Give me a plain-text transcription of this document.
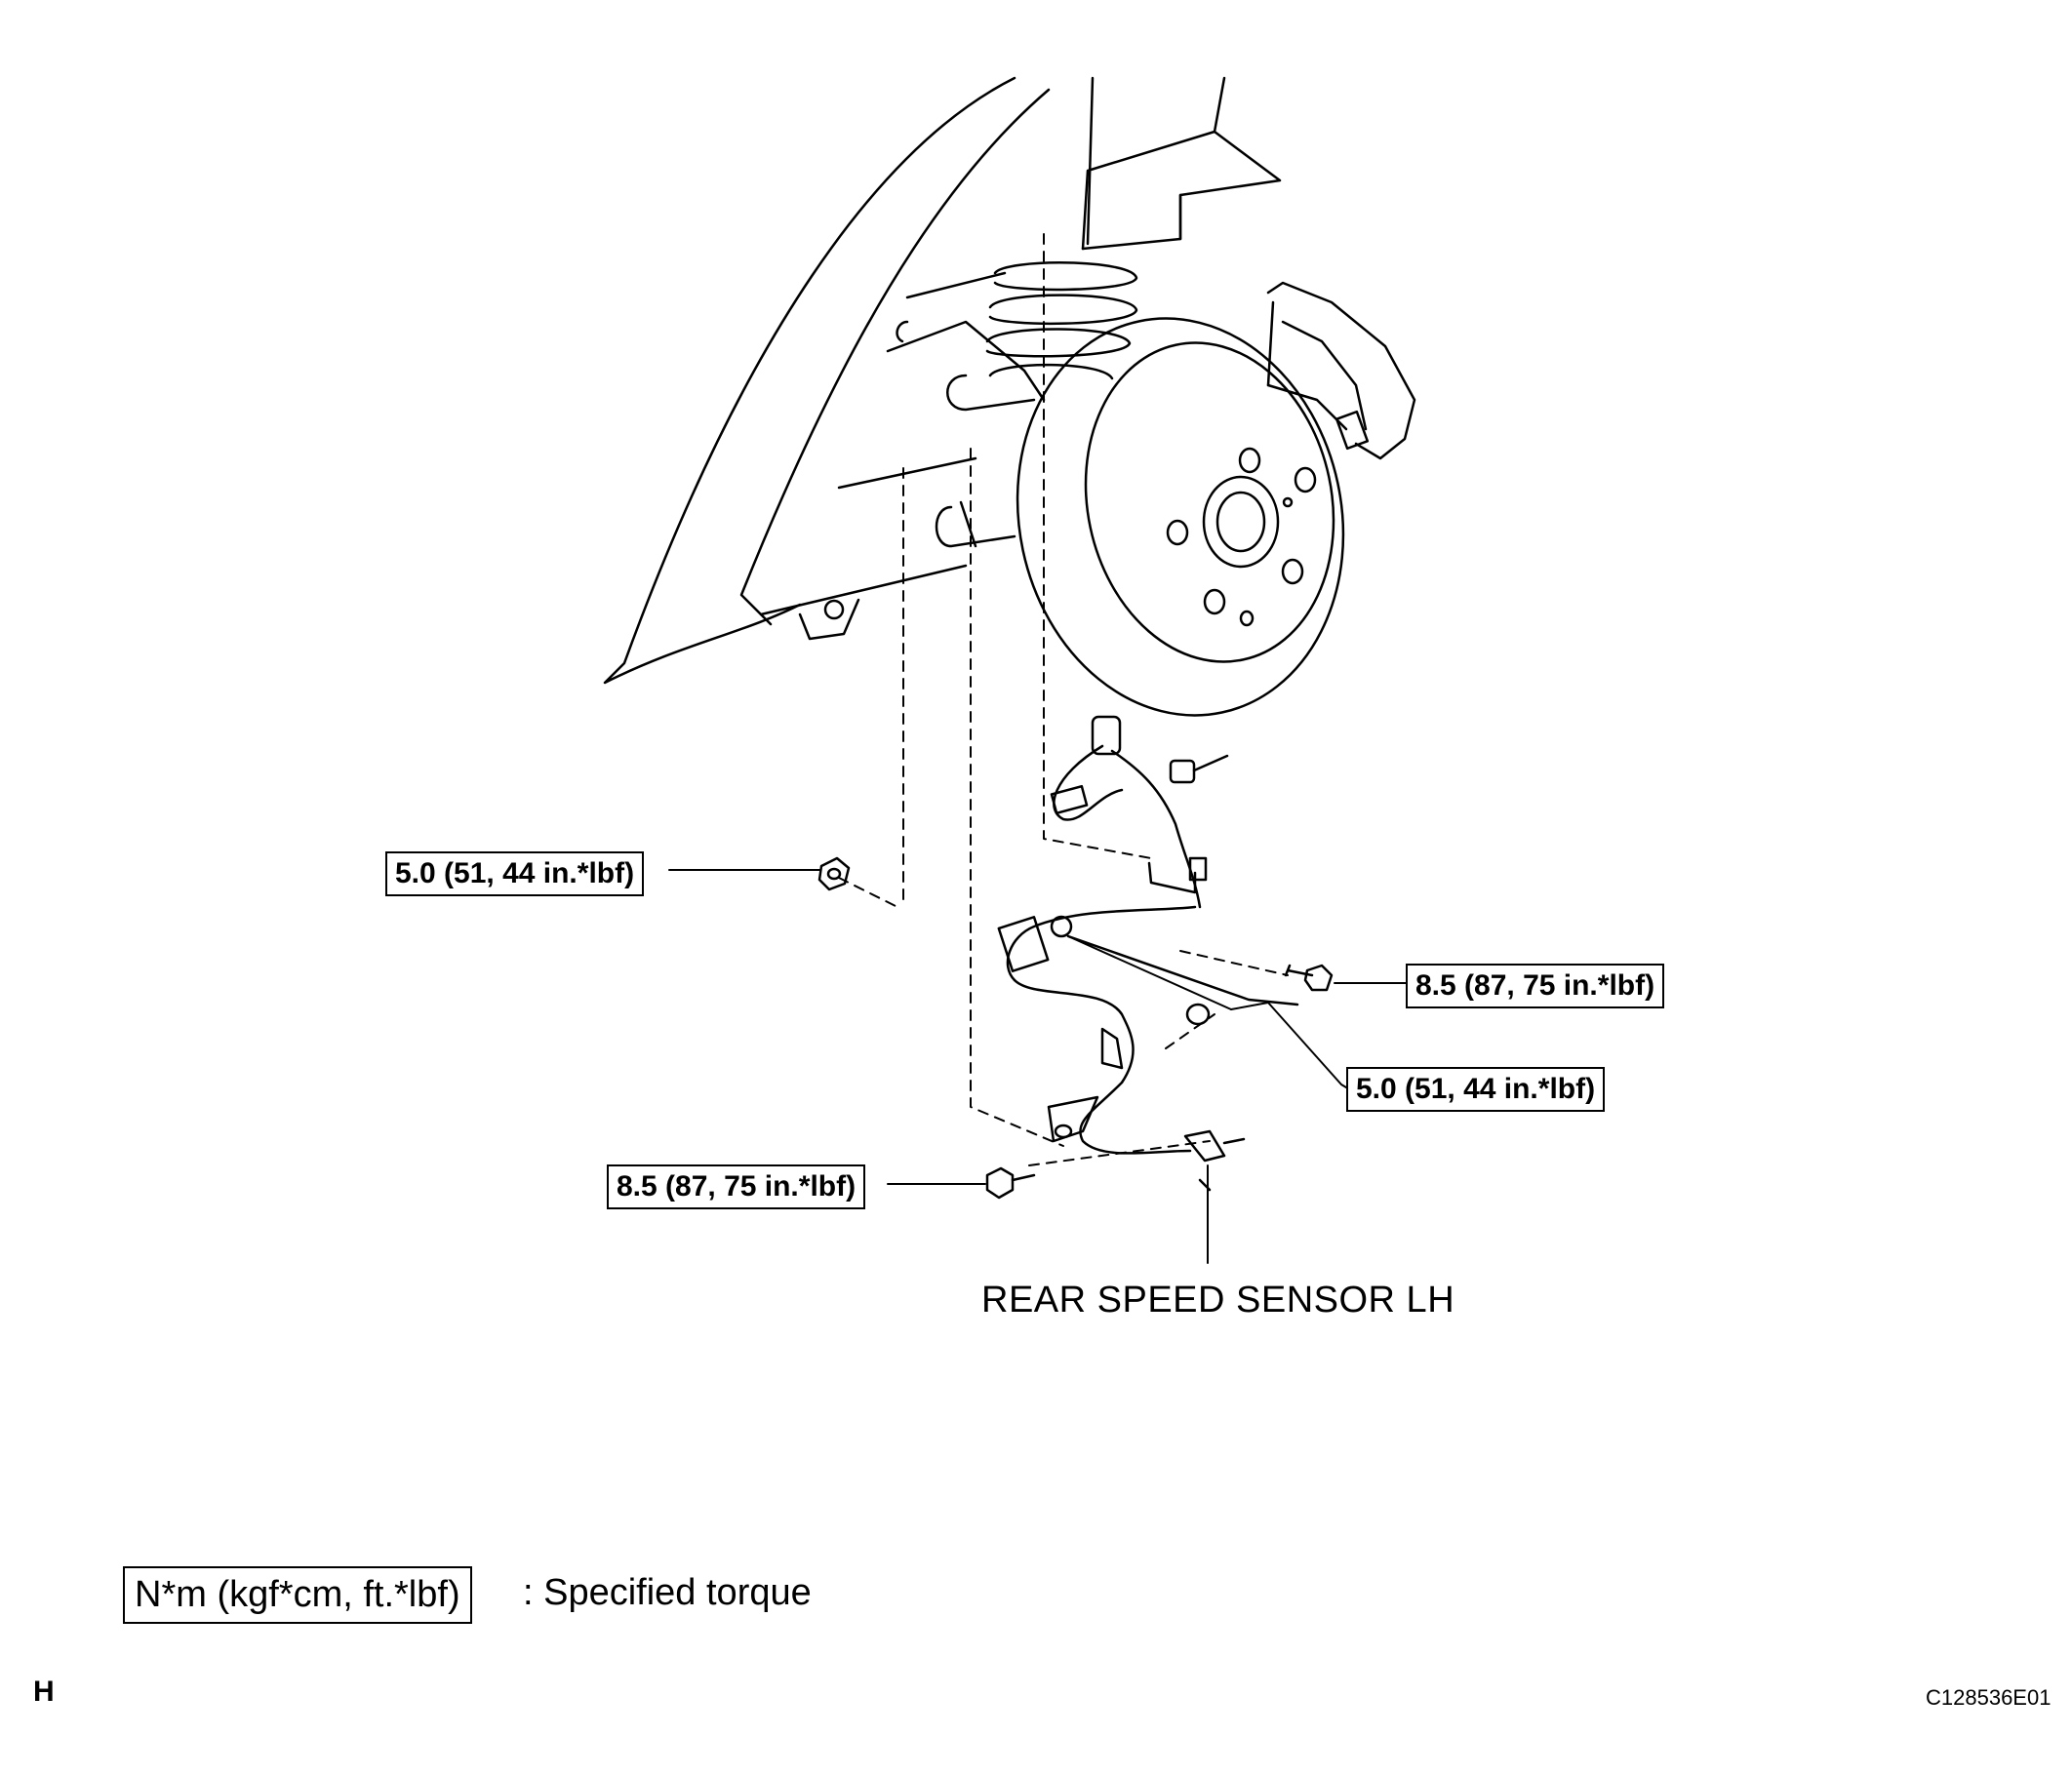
5.0 (51, 44 in.*lbf)
8.5 (87, 75 in.*lbf)
5.0 (51, 44 in.*lbf)
8.5 (87, 75 in.*lbf)
REAR SPEED SENSOR LH
N*m (kgf*cm, ft.*lbf)	: Specified torque
H	C128536E01
